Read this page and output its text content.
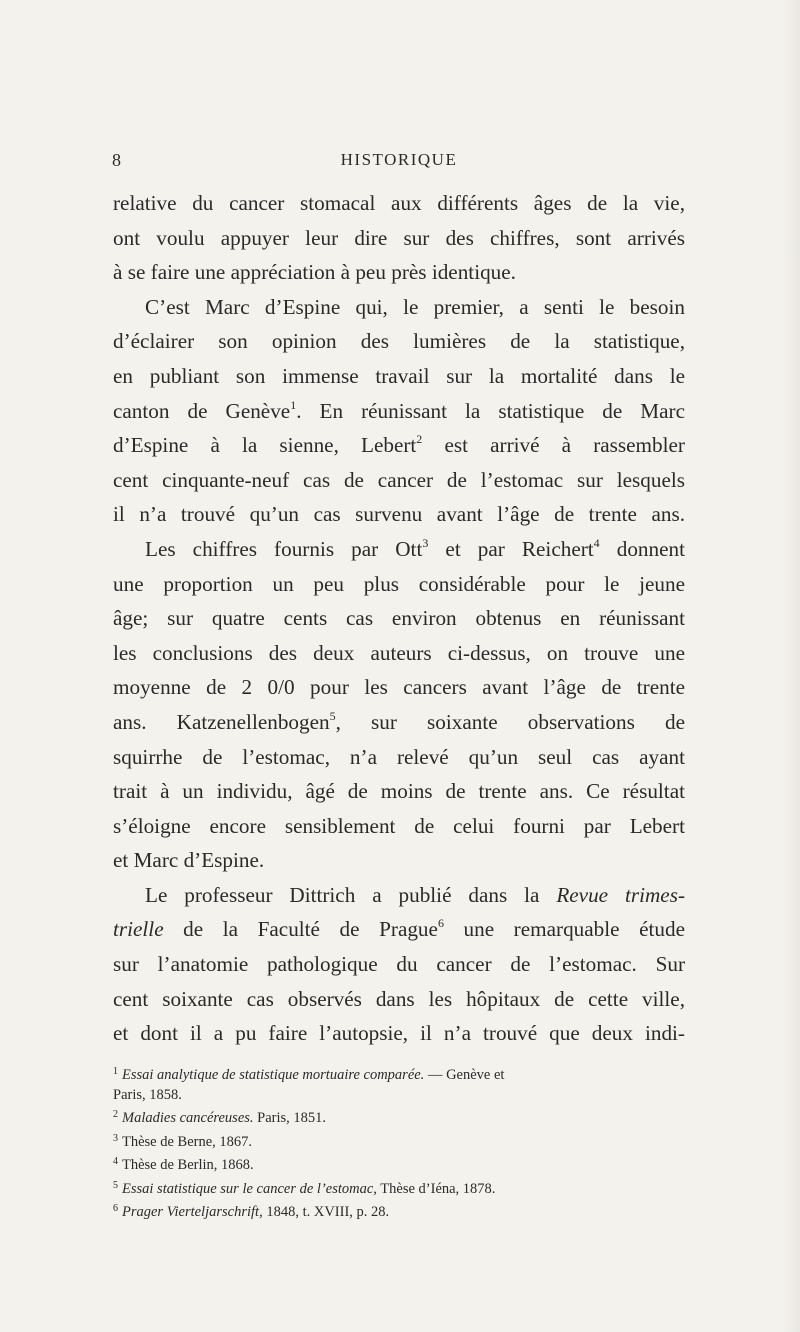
8	HISTORIQUE

relative du cancer stomacal aux différents âges de la vie,
ont voulu appuyer leur dire sur des chiffres, sont arrivés
à se faire une appréciation à peu près identique.

C’est Marc d’Espine qui, le premier, a senti le besoin
d’éclairer son opinion des lumières de la statistique,
en publiant son immense travail sur la mortalité dans le
canton de Genève$^1$. En réunissant la statistique de Marc
d’Espine à la sienne, Lebert$^2$ est arrivé à rassembler
cent cinquante-neuf cas de cancer de l’estomac sur lesquels
il n’a trouvé qu’un cas survenu avant l’âge de trente ans.
Les chiffres fournis par Ott$^3$ et par Reichert$^4$ donnent
une proportion un peu plus considérable pour le jeune
âge; sur quatre cents cas environ obtenus en réunissant
les conclusions des deux auteurs ci-dessus, on trouve une
moyenne de 2 0/0 pour les cancers avant l’âge de trente
ans. Katzenellenbogen$^5$, sur soixante observations de
squirrhe de l’estomac, n’a relevé qu’un seul cas ayant
trait à un individu, âgé de moins de trente ans. Ce résultat
s’éloigne encore sensiblement de celui fourni par Lebert
et Marc d’Espine.

Le professeur Dittrich a publié dans la Revue trimes-
trielle de la Faculté de Prague$^6$ une remarquable étude
sur l’anatomie pathologique du cancer de l’estomac. Sur
cent soixante cas observés dans les hôpitaux de cette ville,
et dont il a pu faire l’autopsie, il n’a trouvé que deux indi-

$^1$ Essai analytique de statistique mortuaire comparée. — Genève et
Paris, 1858.
$^2$ Maladies cancéreuses. Paris, 1851.
$^3$ Thèse de Berne, 1867.
$^4$ Thèse de Berlin, 1868.
$^5$ Essai statistique sur le cancer de l’estomac, Thèse d’Iéna, 1878.
$^6$ Prager Vierteljarschrift, 1848, t. XVIII, p. 28.
